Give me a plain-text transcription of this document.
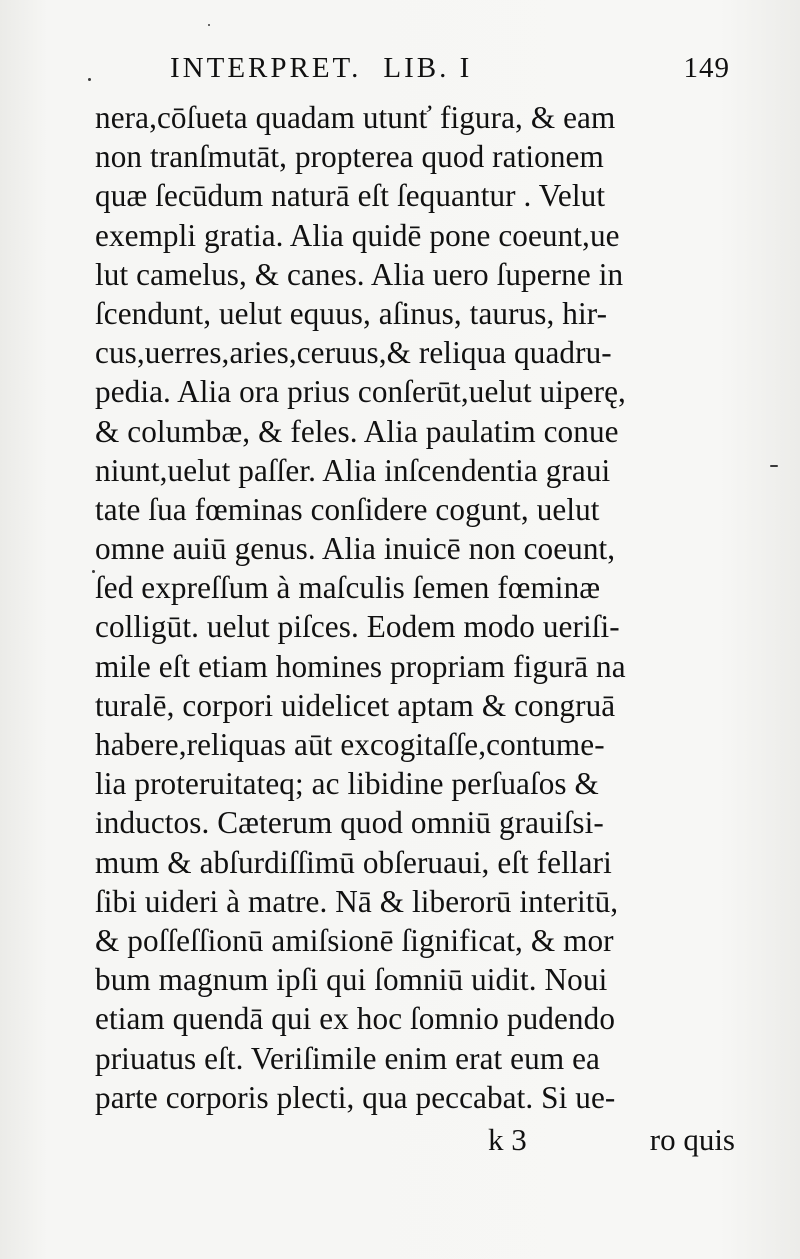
INTERPRET. LIB. I	149
nera,cōſueta quadam utunť figura, & eam
non tranſmutāt, propterea quod rationem
quæ ſecūdum naturā eſt ſequantur . Velut
exempli gratia. Alia quidē pone coeunt,ue
lut camelus, & canes. Alia uero ſuperne in
ſcendunt, uelut equus, aſinus, taurus, hir-
cus,uerres,aries,ceruus,& reliqua quadru-
pedia. Alia ora prius conſerūt,uelut uiperę,
& columbæ, & feles. Alia paulatim conue
niunt,uelut paſſer. Alia inſcendentia graui
tate ſua fœminas conſidere cogunt, uelut
omne auiū genus. Alia inuicē non coeunt,
ſed expreſſum à maſculis ſemen fœminæ
colligūt. uelut piſces. Eodem modo ueriſi-
mile eſt etiam homines propriam figurā na
turalē, corpori uidelicet aptam & congruā
habere,reliquas aūt excogitaſſe,contume-
lia proteruitateq; ac libidine perſuaſos &
inductos. Cæterum quod omniū grauiſsi-
mum & abſurdiſſimū obſeruaui, eſt fellari
ſibi uideri à matre. Nā & liberorū interitū,
& poſſeſſionū amiſsionē ſignificat, & mor
bum magnum ipſi qui ſomniū uidit. Noui
etiam quendā qui ex hoc ſomnio pudendo
priuatus eſt. Veriſimile enim erat eum ea
parte corporis plecti, qua peccabat. Si ue-
k 3	ro quis
